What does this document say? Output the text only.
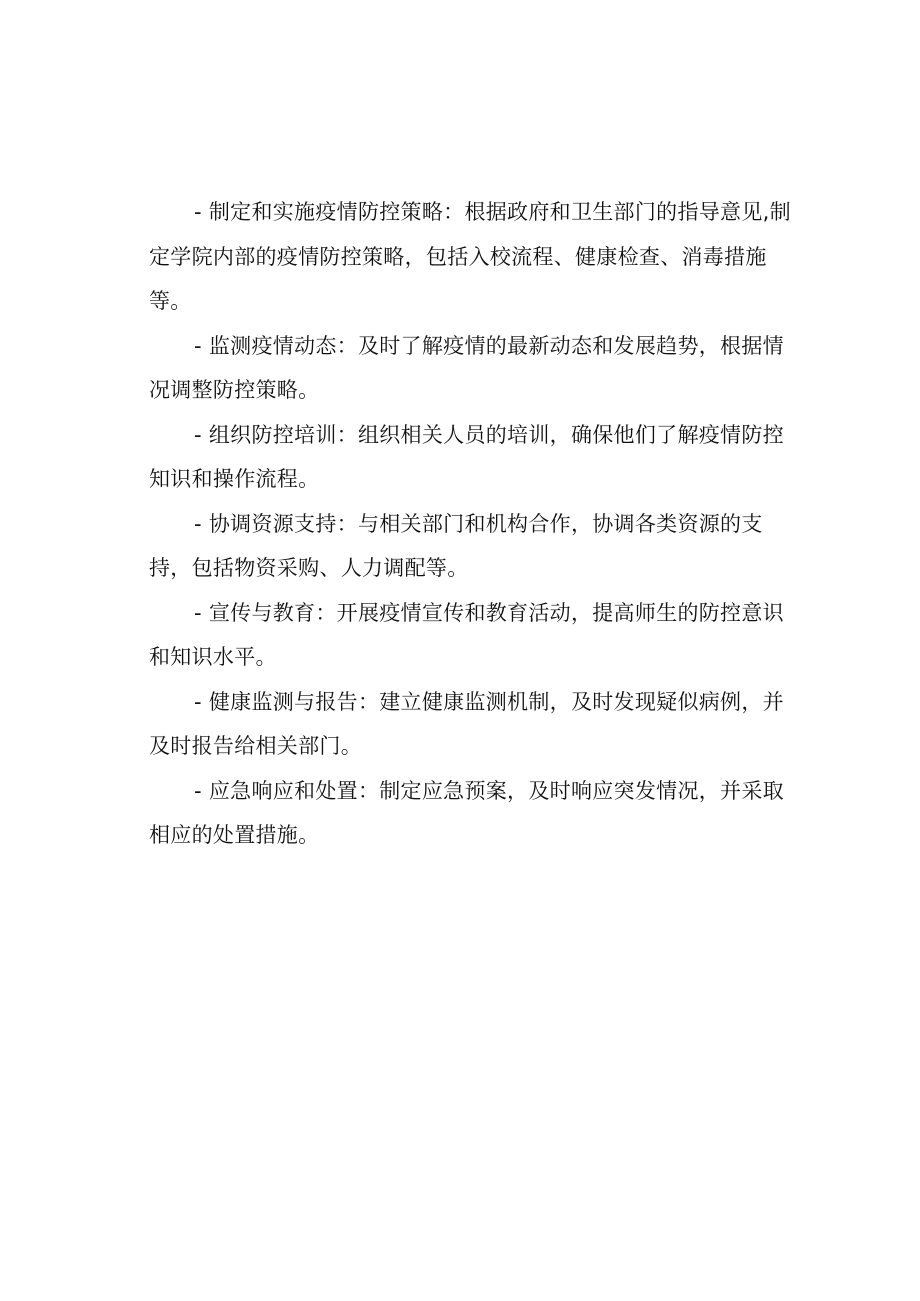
- 制定和实施疫情防控策略：根据政府和卫生部门的指导意见,制
定学院内部的疫情防控策略，包括入校流程、健康检查、消毒措施
等。
- 监测疫情动态：及时了解疫情的最新动态和发展趋势，根据情
况调整防控策略。
- 组织防控培训：组织相关人员的培训，确保他们了解疫情防控
知识和操作流程。
- 协调资源支持：与相关部门和机构合作，协调各类资源的支
持，包括物资采购、人力调配等。
- 宣传与教育：开展疫情宣传和教育活动，提高师生的防控意识
和知识水平。
- 健康监测与报告：建立健康监测机制，及时发现疑似病例，并
及时报告给相关部门。
- 应急响应和处置：制定应急预案，及时响应突发情况，并采取
相应的处置措施。
